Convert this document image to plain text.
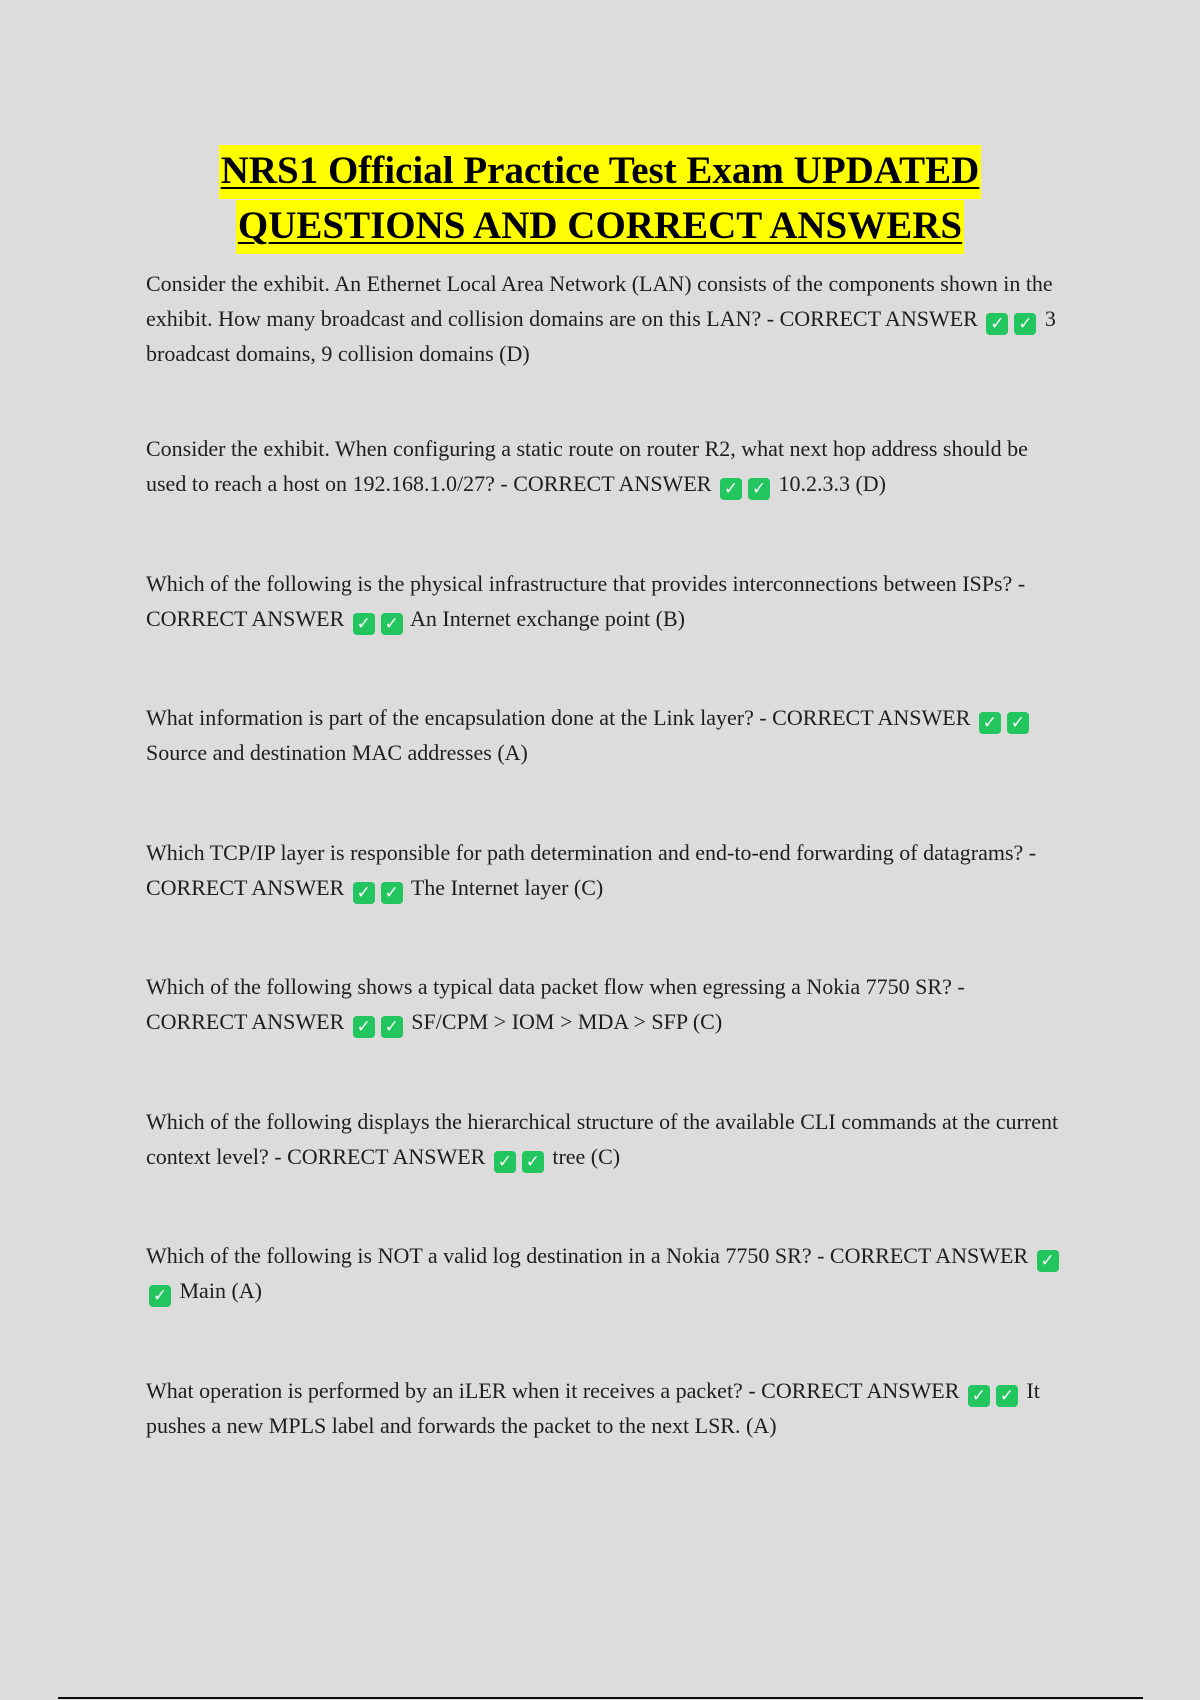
NRS1 Official Practice Test Exam UPDATED
QUESTIONS AND CORRECT ANSWERS
Consider the exhibit. An Ethernet Local Area Network (LAN) consists of the components shown in the exhibit. How many broadcast and collision domains are on this LAN? - CORRECT ANSWER ✓ ✓ 3 broadcast domains, 9 collision domains (D)
Consider the exhibit. When configuring a static route on router R2, what next hop address should be used to reach a host on 192.168.1.0/27? - CORRECT ANSWER ✓ ✓ 10.2.3.3 (D)
Which of the following is the physical infrastructure that provides interconnections between ISPs? - CORRECT ANSWER ✓ ✓ An Internet exchange point (B)
What information is part of the encapsulation done at the Link layer? - CORRECT ANSWER ✓ ✓ Source and destination MAC addresses (A)
Which TCP/IP layer is responsible for path determination and end-to-end forwarding of datagrams? - CORRECT ANSWER ✓ ✓ The Internet layer (C)
Which of the following shows a typical data packet flow when egressing a Nokia 7750 SR? - CORRECT ANSWER ✓ ✓ SF/CPM > IOM > MDA > SFP (C)
Which of the following displays the hierarchical structure of the available CLI commands at the current context level? - CORRECT ANSWER ✓ ✓ tree (C)
Which of the following is NOT a valid log destination in a Nokia 7750 SR? - CORRECT ANSWER ✓✓ Main (A)
What operation is performed by an iLER when it receives a packet? - CORRECT ANSWER ✓ ✓ It pushes a new MPLS label and forwards the packet to the next LSR. (A)
